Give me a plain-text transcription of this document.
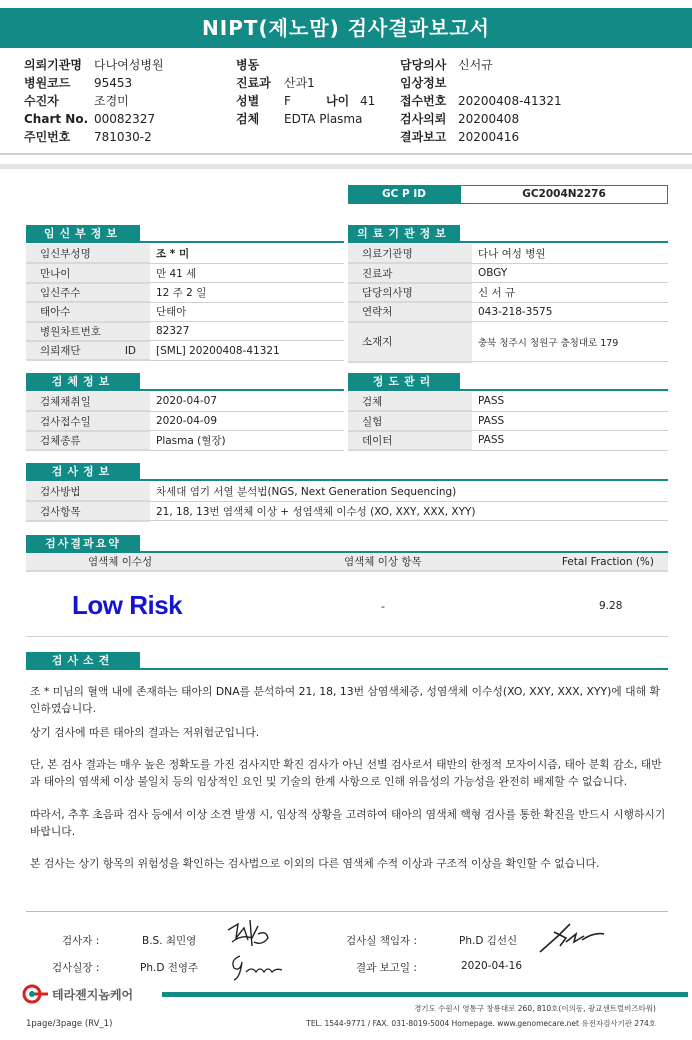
NIPT(제노맘) 검사결과보고서
의뢰기관명 다나여성병원
병원코드 95453
수진자	조경미
Chart No. 00082327
주민번호 781030-2
병동
진료과 산과1
성별 F	나이 41
검체 EDTA Plasma
담당의사 신서규
임상정보
접수번호 20200408-41321
검사의뢰 20200408
결과보고 20200416
GC P ID	GC2004N2276
임신부정보
임신부성명	조 * 미
만나이	만 41 세
임신주수	12 주 2 일
태아수	단태아
병원차트번호	82327
의뢰재단 ID	[SML] 20200408-41321
의료기관정보
의료기관명	다나 여성 병원
진료과	OBGY
담당의사명	신 서 규
연락처	043-218-3575
소재지	충북 청주시 청원구 충청대로 179
검체정보
검체채취일	2020-04-07
검사접수일	2020-04-09
검체종류	Plasma (혈장)
정도관리
검체	PASS
실험	PASS
데이터	PASS
검사정보
검사방법	차세대 염기 서열 분석법(NGS, Next Generation Sequencing)
검사항목	21, 18, 13번 염색체 이상 + 성염색체 이수성 (XO, XXY, XXX, XYY)
검사결과요약
염색체 이수성	염색체 이상 항목	Fetal Fraction (%)
Low Risk	-	9.28
검사소견
조 * 미님의 혈액 내에 존재하는 태아의 DNA를 분석하여 21, 18, 13번 삼염색체증, 성염색체 이수성(XO, XXY, XXX, XYY)에 대해 확인하였습니다.
상기 검사에 따른 태아의 결과는 저위험군입니다.
단, 본 검사 결과는 매우 높은 정확도를 가진 검사지만 확진 검사가 아닌 선별 검사로서 태반의 한정적 모자이시즘, 태아 분획 감소, 태반과 태아의 염색체 이상 불일치 등의 임상적인 요인 및 기술의 한계 사항으로 인해 위음성의 가능성을 완전히 배제할 수 없습니다.
따라서, 추후 초음파 검사 등에서 이상 소견 발생 시, 임상적 상황을 고려하여 태아의 염색체 핵형 검사를 통한 확진을 반드시 시행하시기 바랍니다.
본 검사는 상기 항목의 위험성을 확인하는 검사법으로 이외의 다른 염색체 수적 이상과 구조적 이상을 확인할 수 없습니다.
검사자 :	B.S. 최민영
검사실장 :	Ph.D 전영주
검사실 책임자 :	Ph.D 김선신
결과 보고일 :	2020-04-16
테라젠지놈케어
경기도 수원시 영통구 창룡대로 260, 810호(이의동, 광교센트럴비즈타워)
TEL. 1544-9771 / FAX. 031-8019-5004 Homepage. www.genomecare.net 유전자검사기관 274호
1page/3page (RV_1)
